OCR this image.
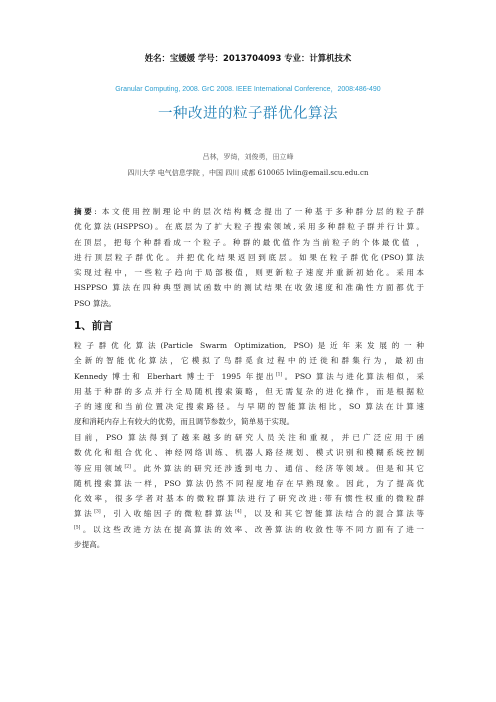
姓名：宝媛媛 学号：2013704093 专业：计算机技术
Granular Computing, 2008. GrC 2008. IEEE International Conference，2008:486-490
一种改进的粒子群优化算法
吕林，罗绮，刘俊勇，田立峰
四川大学 电气信息学院 ，中国 四川 成都 610065 lvlin@email.scu.edu.cn
摘要: 本文使用控制理论中的层次结构概念提出了一种基于多种群分层的粒子群
优化算法(HSPPSO)。在底层为了扩大粒子搜索领域,采用多种群粒子群并行计算。
在顶层，把每个种群看成一个粒子。种群的最优值作为当前粒子的个体最优值 ，
进行顶层粒子群优化。并把优化结果返回到底层。如果在粒子群优化(PSO)算法
实现过程中，一些粒子趋向于局部极值，则更新粒子速度并重新初始化。采用本
HSPPSO 算法在四种典型测试函数中的测试结果在收敛速度和准确性方面都优于
PSO 算法。
1、前言
粒子群优化算法(Particle Swarm Optimization, PSO)是近年来发展的一种
全新的智能优化算法，它模拟了鸟群觅食过程中的迁徙和群集行为，最初由
Kennedy 博士和 Eberhart 博士于 1995 年提出[1]。PSO 算法与进化算法相似，采
用基于种群的多点并行全局随机搜索策略，但无需复杂的进化操作，而是根据粒
子的速度和当前位置决定搜索路径。与早期的智能算法相比，SO 算法在计算速
度和消耗内存上有较大的优势，而且调节参数少，简单易于实现。
目前，PSO 算法得到了越来越多的研究人员关注和重视，并已广泛应用于函
数优化和组合优化、神经网络训练、机器人路径规划、模式识别和模糊系统控制
等应用领域[2]。此外算法的研究还涉透到电力、通信、经济等领域。但是和其它
随机搜索算法一样，PSO 算法仍然不同程度地存在早熟现象。因此，为了提高优
化效率，很多学者对基本的微粒群算法进行了研究改进:带有惯性权重的微粒群
算法[3]，引入收缩因子的微粒群算法[4]，以及和其它智能算法结合的混合算法等
[5]。以这些改进方法在提高算法的效率、改善算法的收敛性等不同方面有了进一
步提高。
